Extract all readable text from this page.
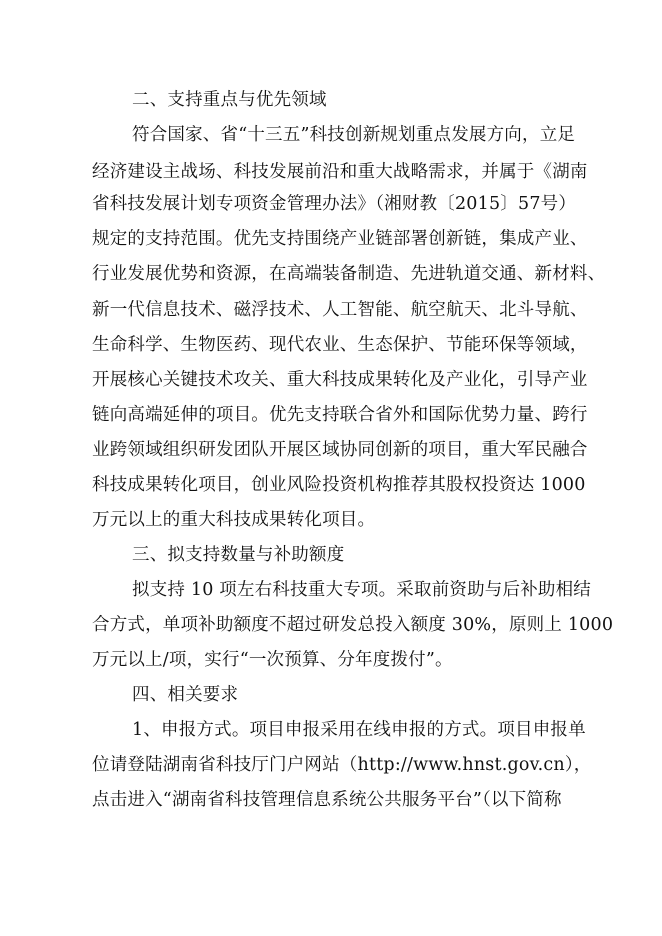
二、支持重点与优先领域
符合国家、省“十三五”科技创新规划重点发展方向，立足
经济建设主战场、科技发展前沿和重大战略需求，并属于《湖南
省科技发展计划专项资金管理办法》（湘财教〔2015〕57号）
规定的支持范围。优先支持围绕产业链部署创新链，集成产业、
行业发展优势和资源，在高端装备制造、先进轨道交通、新材料、
新一代信息技术、磁浮技术、人工智能、航空航天、北斗导航、
生命科学、生物医药、现代农业、生态保护、节能环保等领域，
开展核心关键技术攻关、重大科技成果转化及产业化，引导产业
链向高端延伸的项目。优先支持联合省外和国际优势力量、跨行
业跨领域组织研发团队开展区域协同创新的项目，重大军民融合
科技成果转化项目，创业风险投资机构推荐其股权投资达 1000
万元以上的重大科技成果转化项目。
三、拟支持数量与补助额度
拟支持 10 项左右科技重大专项。采取前资助与后补助相结
合方式，单项补助额度不超过研发总投入额度 30%，原则上 1000
万元以上/项，实行“一次预算、分年度拨付”。
四、相关要求
1、申报方式。项目申报采用在线申报的方式。项目申报单
位请登陆湖南省科技厅门户网站（http://www.hnst.gov.cn），
点击进入“湖南省科技管理信息系统公共服务平台”（以下简称
